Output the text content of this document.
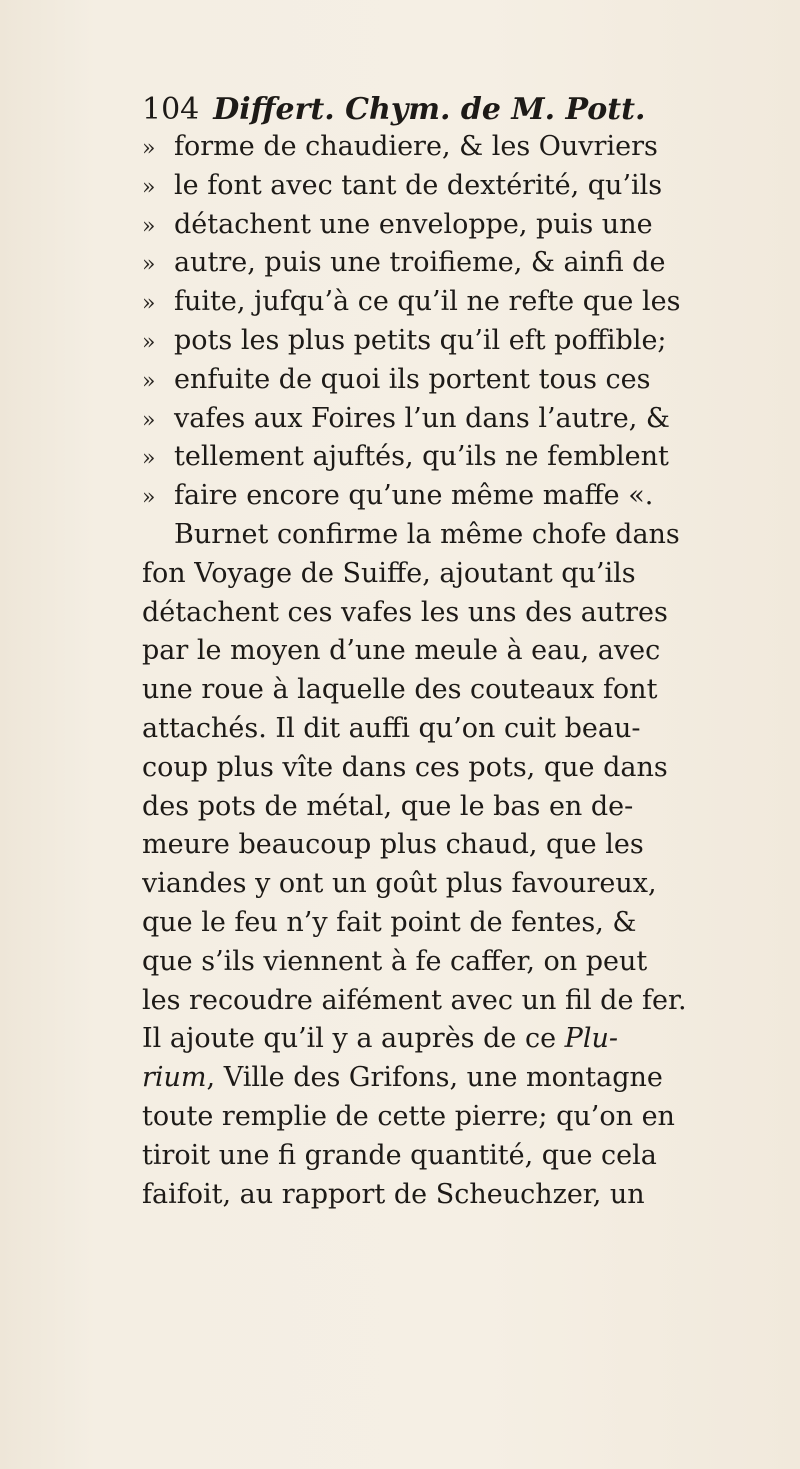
104 Differt. Chym. de M. Pott.
» forme de chaudiere, & les Ouvriers
» le font avec tant de dextérité, qu’ils
» détachent une enveloppe, puis une
» autre, puis une troifieme, & ainfi de
» fuite, jufqu’à ce qu’il ne refte que les
» pots les plus petits qu’il eft poffible;
» enfuite de quoi ils portent tous ces
» vafes aux Foires l’un dans l’autre, &
» tellement ajuftés, qu’ils ne femblent
» faire encore qu’une même maffe «.
Burnet confirme la même chofe dans
fon Voyage de Suiffe, ajoutant qu’ils
détachent ces vafes les uns des autres
par le moyen d’une meule à eau, avec
une roue à laquelle des couteaux font
attachés. Il dit auffi qu’on cuit beau-
coup plus vîte dans ces pots, que dans
des pots de métal, que le bas en de-
meure beaucoup plus chaud, que les
viandes y ont un goût plus favoureux,
que le feu n’y fait point de fentes, &
que s’ils viennent à fe caffer, on peut
les recoudre aifément avec un fil de fer.
Il ajoute qu’il y a auprès de ce Plu-
rium, Ville des Grifons, une montagne
toute remplie de cette pierre; qu’on en
tiroit une fi grande quantité, que cela
faifoit, au rapport de Scheuchzer, un
